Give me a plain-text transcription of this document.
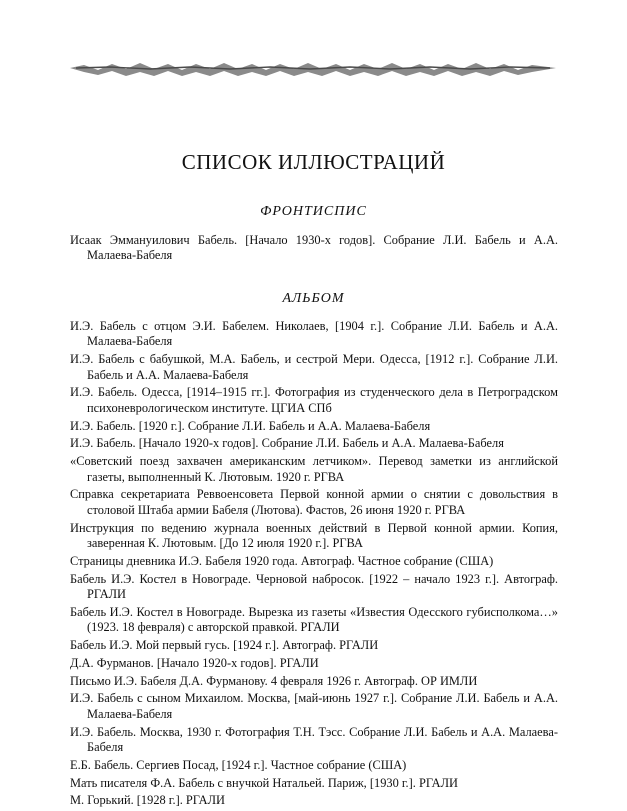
СПИСОК ИЛЛЮСТРАЦИЙ
ФРОНТИСПИС

Исаак Эммануилович Бабель. [Начало 1930-х годов]. Собрание Л.И. Бабель и А.А. Малаева-Бабеля

АЛЬБОМ

И.Э. Бабель с отцом Э.И. Бабелем. Николаев, [1904 г.]. Собрание Л.И. Бабель и А.А. Малаева-Бабеля

И.Э. Бабель с бабушкой, М.А. Бабель, и сестрой Мери. Одесса, [1912 г.]. Собрание Л.И. Бабель и А.А. Малаева-Бабеля

И.Э. Бабель. Одесса, [1914–1915 гг.]. Фотография из студенческого дела в Петроградском психоневрологическом институте. ЦГИА СПб

И.Э. Бабель. [1920 г.]. Собрание Л.И. Бабель и А.А. Малаева-Бабеля

И.Э. Бабель. [Начало 1920-х годов]. Собрание Л.И. Бабель и А.А. Малаева-Бабеля

«Советский поезд захвачен американским летчиком». Перевод заметки из английской газеты, выполненный К. Лютовым. 1920 г. РГВА

Справка секретариата Реввоенсовета Первой конной армии о снятии с довольствия в столовой Штаба армии Бабеля (Лютова). Фастов, 26 июня 1920 г. РГВА

Инструкция по ведению журнала военных действий в Первой конной армии. Копия, заверенная К. Лютовым. [До 12 июля 1920 г.]. РГВА

Страницы дневника И.Э. Бабеля 1920 года. Автограф. Частное собрание (США)

Бабель И.Э. Костел в Новограде. Черновой набросок. [1922 – начало 1923 г.]. Автограф. РГАЛИ

Бабель И.Э. Костел в Новограде. Вырезка из газеты «Известия Одесского губисполкома…» (1923. 18 февраля) с авторской правкой. РГАЛИ

Бабель И.Э. Мой первый гусь. [1924 г.]. Автограф. РГАЛИ

Д.А. Фурманов. [Начало 1920-х годов]. РГАЛИ

Письмо И.Э. Бабеля Д.А. Фурманову. 4 февраля 1926 г. Автограф. ОР ИМЛИ

И.Э. Бабель с сыном Михаилом. Москва, [май-июнь 1927 г.]. Собрание Л.И. Бабель и А.А. Малаева-Бабеля

И.Э. Бабель. Москва, 1930 г. Фотография Т.Н. Тэсс. Собрание Л.И. Бабель и А.А. Малаева-Бабеля

Е.Б. Бабель. Сергиев Посад, [1924 г.]. Частное собрание (США)

Мать писателя Ф.А. Бабель с внучкой Натальей. Париж, [1930 г.]. РГАЛИ

М. Горький. [1928 г.]. РГАЛИ
